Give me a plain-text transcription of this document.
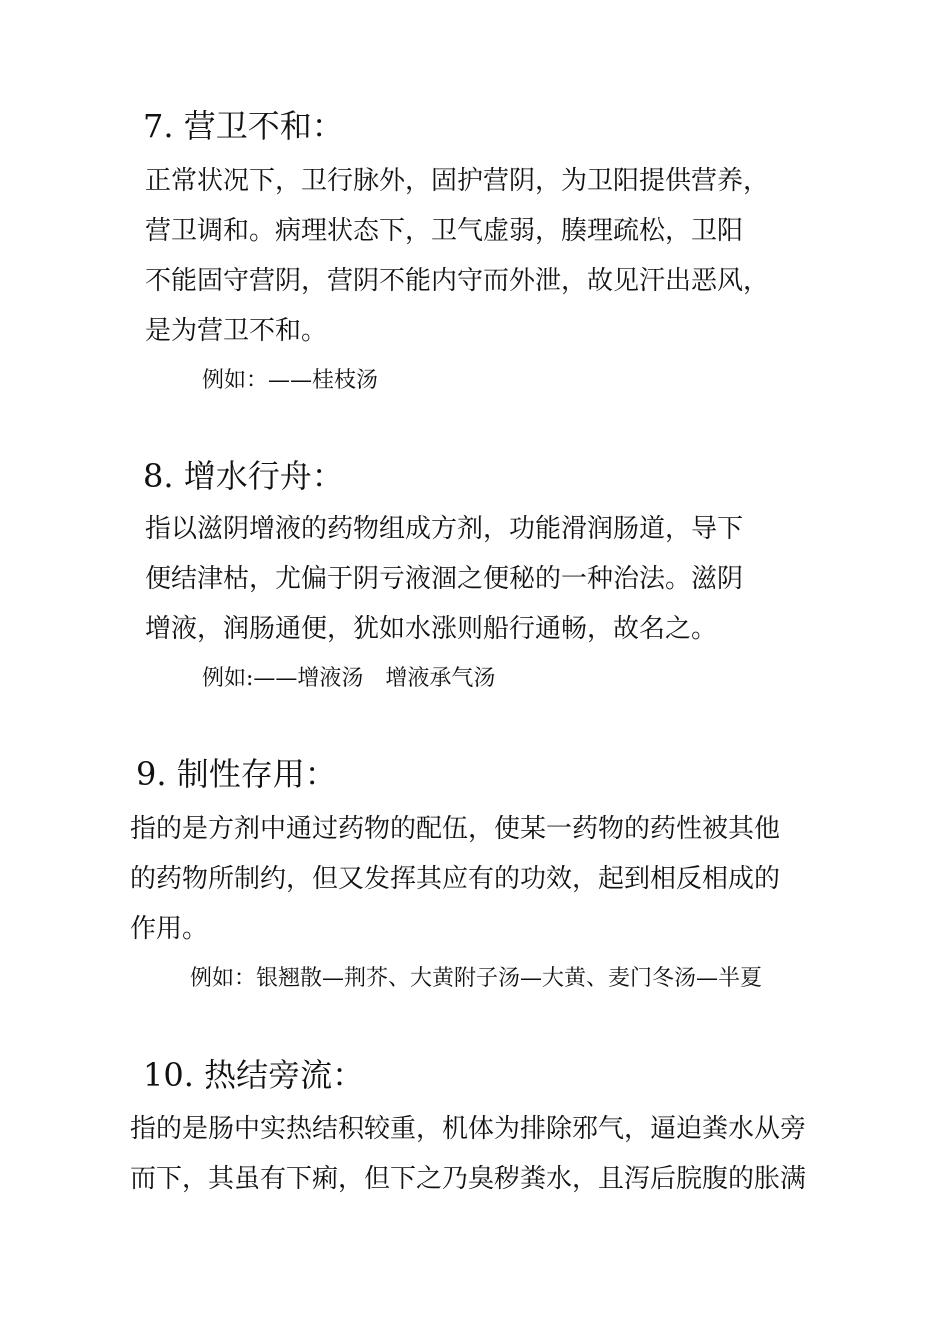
7. 营卫不和：

正常状况下，卫行脉外，固护营阴，为卫阳提供营养，

营卫调和。病理状态下，卫气虚弱，腠理疏松，卫阳

不能固守营阴，营阴不能内守而外泄，故见汗出恶风，

是为营卫不和。

例如：——桂枝汤

8. 增水行舟：

指以滋阴增液的药物组成方剂，功能滑润肠道，导下

便结津枯，尤偏于阴亏液涸之便秘的一种治法。滋阴

增液，润肠通便，犹如水涨则船行通畅，故名之。

例如:——增液汤　增液承气汤

9. 制性存用：

指的是方剂中通过药物的配伍，使某一药物的药性被其他

的药物所制约，但又发挥其应有的功效，起到相反相成的

作用。

例如：银翘散—荆芥、大黄附子汤—大黄、麦门冬汤—半夏

10. 热结旁流：

指的是肠中实热结积较重，机体为排除邪气，逼迫粪水从旁

而下，其虽有下痢，但下之乃臭秽粪水，且泻后脘腹的胀满
